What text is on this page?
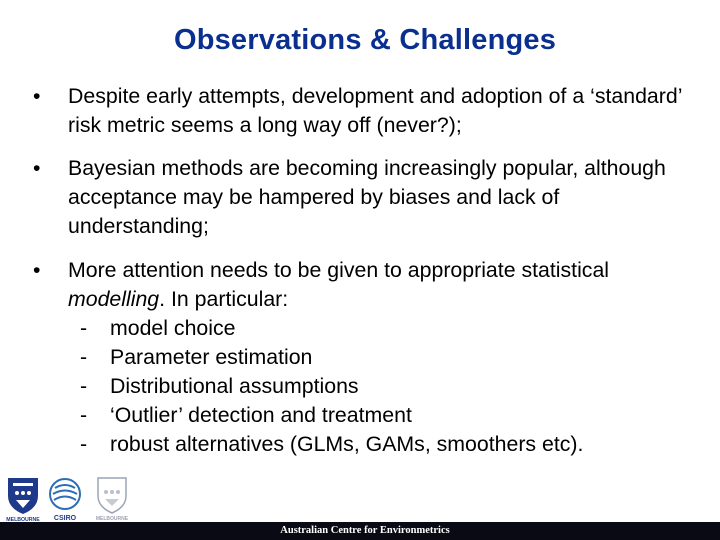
Observations & Challenges
• Despite early attempts, development and adoption of a ‘standard’ risk metric seems a long way off (never?);
• Bayesian methods are becoming increasingly popular, although acceptance may be hampered by biases and lack of understanding;
• More attention needs to be given to appropriate statistical modelling. In particular:
- model choice
- Parameter estimation
- Distributional assumptions
- ‘Outlier’ detection and treatment
- robust alternatives (GLMs, GAMs, smoothers etc).
MELBOURNE CSIRO	MELBOURNE
Australian Centre for Environmetrics
